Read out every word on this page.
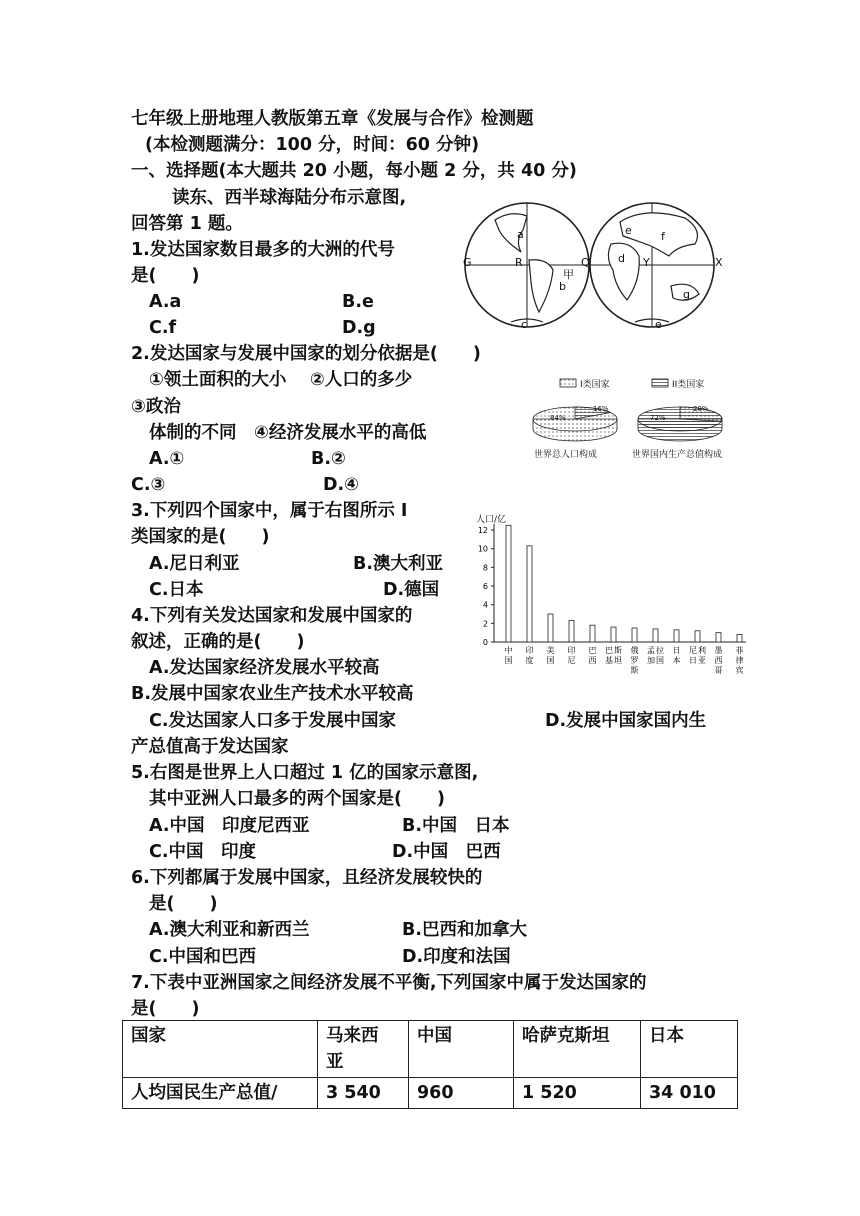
七年级上册地理人教版第五章《发展与合作》检测题
(本检测题满分：100 分，时间：60 分钟)
一、选择题(本大题共 20 小题，每小题 2 分，共 40 分)
读东、西半球海陆分布示意图,
回答第 1 题。
1.发达国家数目最多的大洲的代号
是(　　)
A.a	B.e
C.f	D.g
2.发达国家与发展中国家的划分依据是(　　)
①领土面积的大小　 ②人口的多少
③政治
体制的不同　④经济发展水平的高低
A.①	B.②
C.③	D.④
3.下列四个国家中，属于右图所示 I
类国家的是(　　)
A.尼日利亚	B.澳大利亚
C.日本	D.德国
4.下列有关发达国家和发展中国家的
叙述，正确的是(　　)
A.发达国家经济发展水平较高
B.发展中国家农业生产技术水平较高
C.发达国家人口多于发展中国家	D.发展中国家国内生
产总值高于发达国家
5.右图是世界上人口超过 1 亿的国家示意图,
其中亚洲人口最多的两个国家是(　　)
A.中国　印度尼西亚	B.中国　日本
C.中国　印度	D.中国　巴西
6.下列都属于发展中国家，且经济发展较快的
是(　　)
A.澳大利亚和新西兰	B.巴西和加拿大
C.中国和巴西	D.印度和法国
7.下表中亚洲国家之间经济发展不平衡,下列国家中属于发达国家的
是(　　)
国家	马来西亚	中国	哈萨克斯坦	日本
人均国民生产总值/	3 540	960	1 520	34 010
a
b
c
d
e	f
g
甲
G	R	Q	Y	X
e
I类国家	II类国家
84%
16%	28%
72%
世界总人口构成	世界国内生产总值构成
人口/亿
0
2
4
6
8
10
12
中
国
印
度
美
国
印
尼
巴
西
巴
基
斯
坦
俄
罗
斯
孟
加
拉
国
日
本
尼
日
利
亚
墨
西
哥
菲
律
宾
